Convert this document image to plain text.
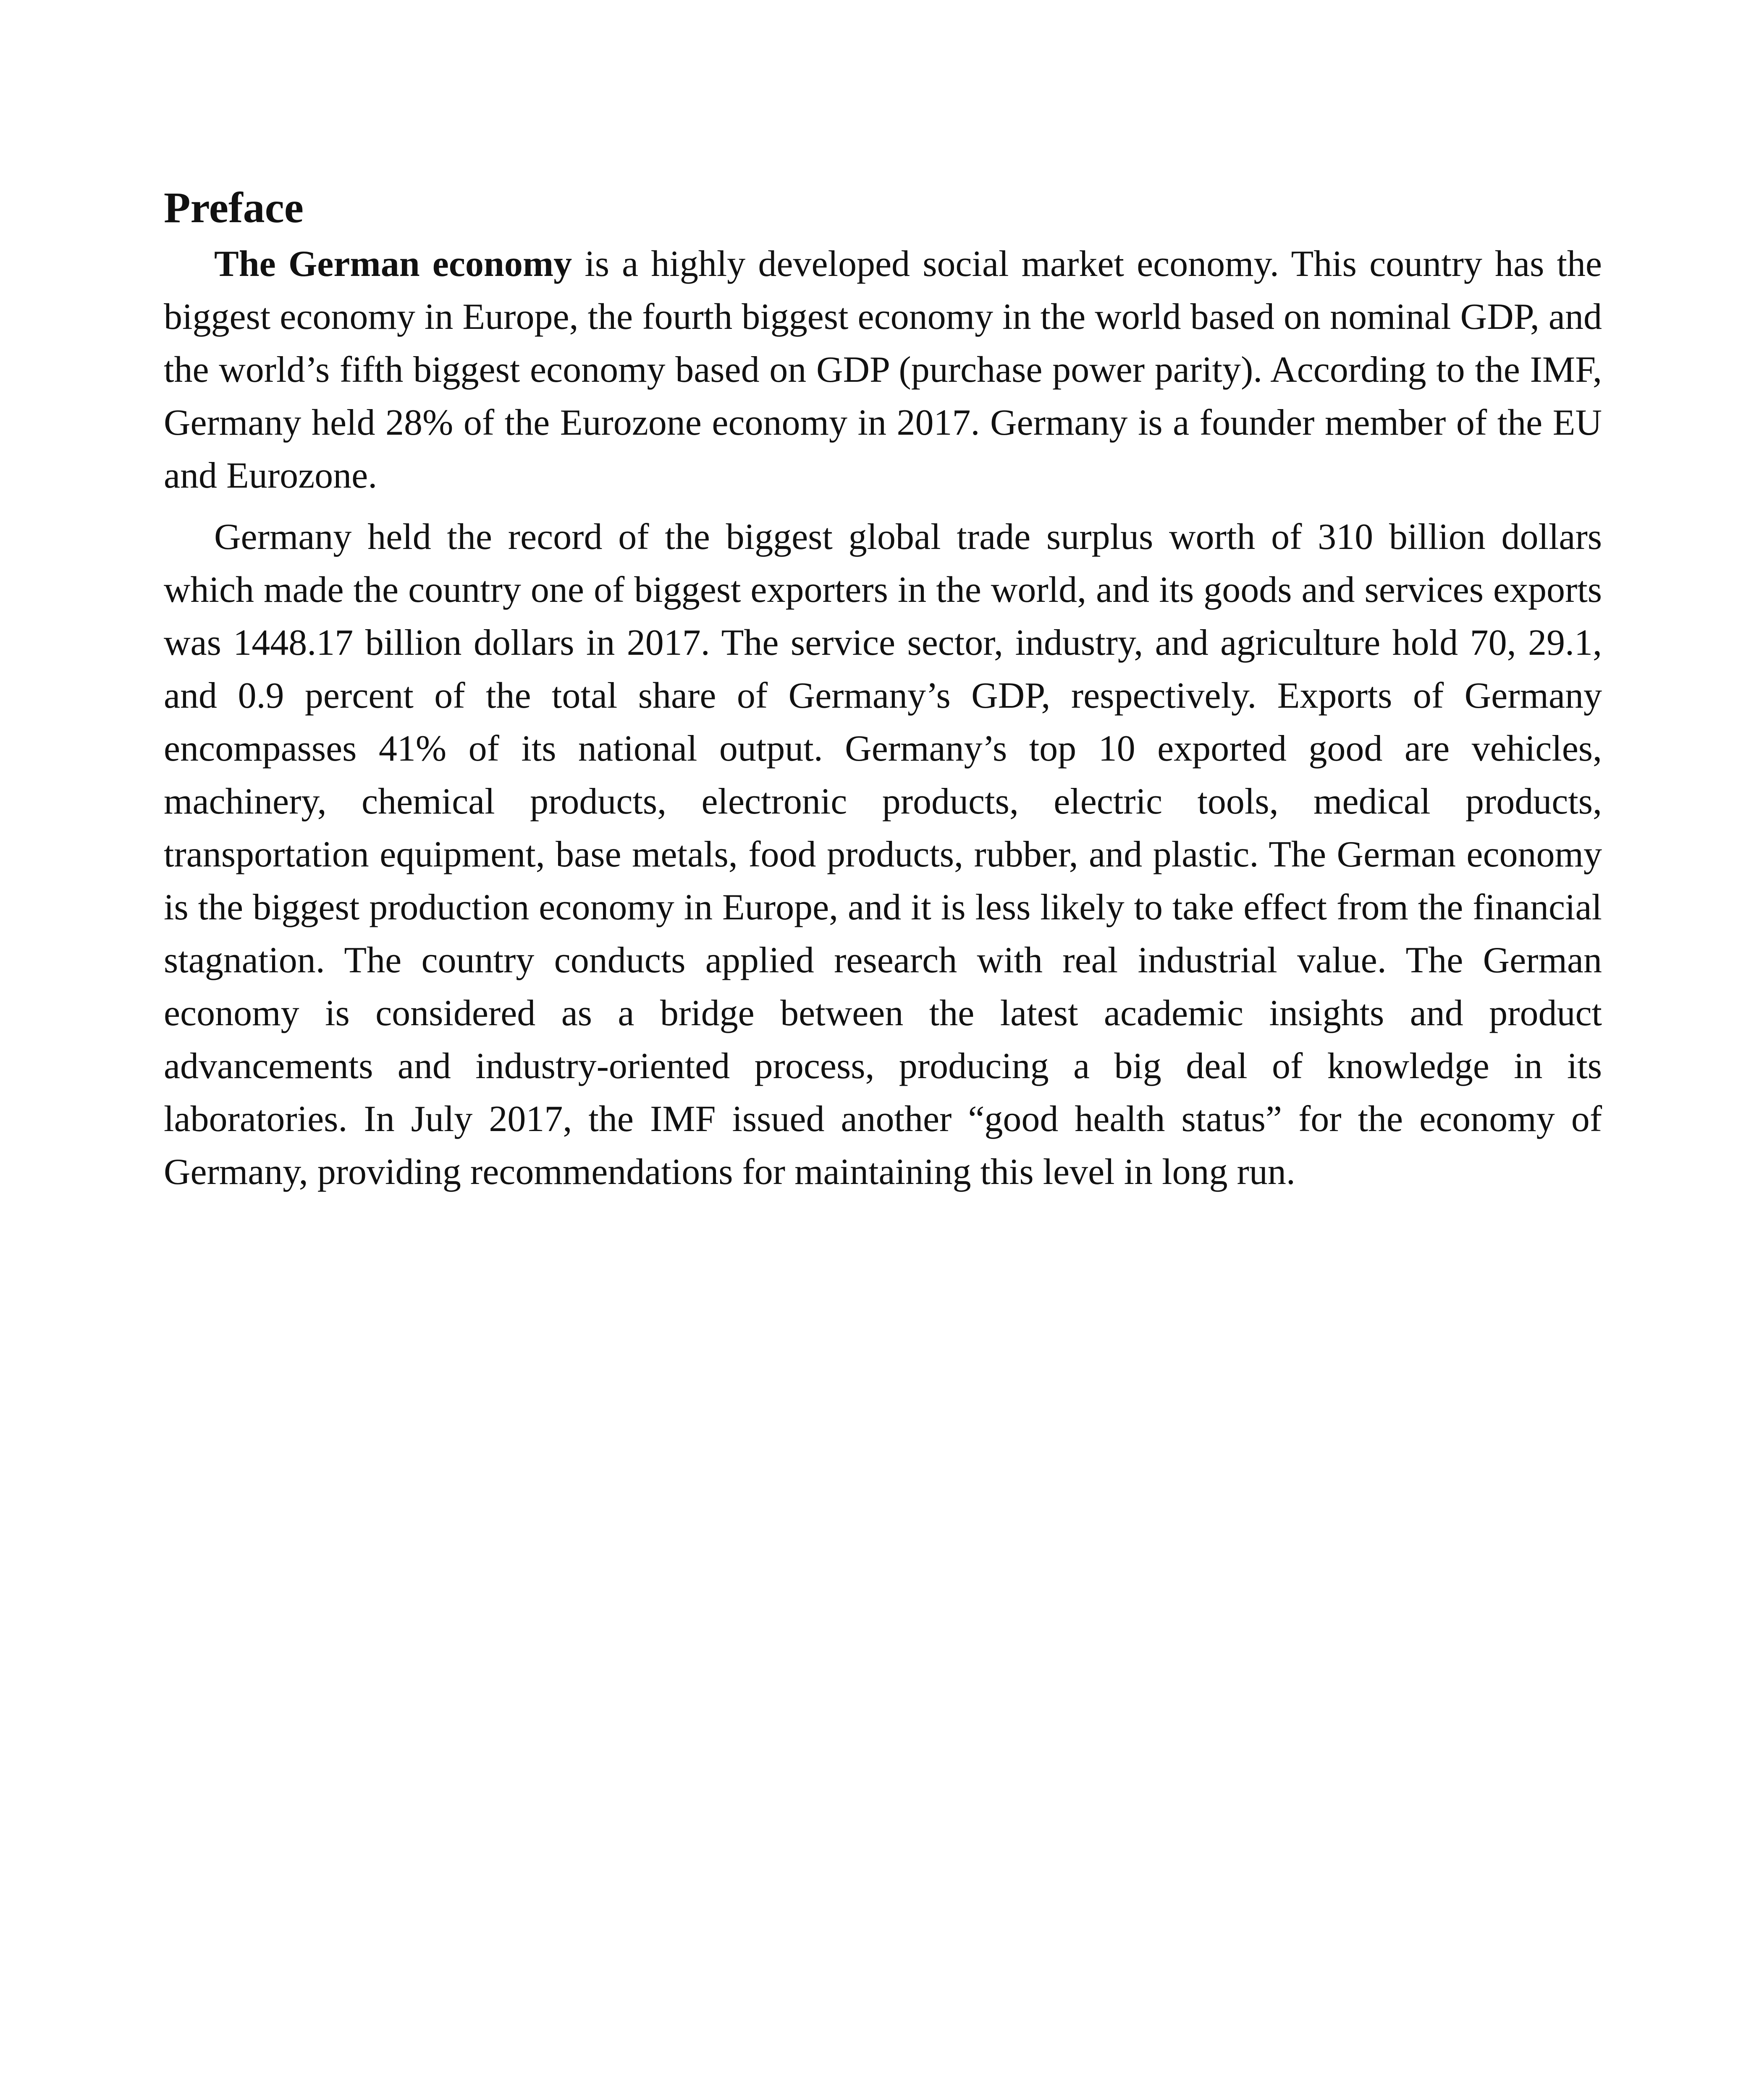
Preface

The German economy is a highly developed social market economy. This country has the biggest economy in Europe, the fourth biggest economy in the world based on nominal GDP, and the world’s fifth biggest economy based on GDP (purchase power parity). According to the IMF, Germany held 28% of the Eurozone economy in 2017. Germany is a founder member of the EU and Eurozone.

Germany held the record of the biggest global trade surplus worth of 310 billion dollars which made the country one of biggest exporters in the world, and its goods and services exports was 1448.17 billion dollars in 2017. The service sector, industry, and agriculture hold 70, 29.1, and 0.9 percent of the total share of Germany’s GDP, respectively. Exports of Germany encompasses 41% of its national output. Germany’s top 10 exported good are vehicles, machinery, chemical products, electronic products, electric tools, medical products, transportation equipment, base metals, food products, rubber, and plastic. The German economy is the biggest production economy in Europe, and it is less likely to take effect from the financial stagnation. The country conducts applied research with real industrial value. The German economy is considered as a bridge between the latest academic insights and product advancements and industry-oriented process, producing a big deal of knowledge in its laboratories. In July 2017, the IMF issued another “good health status” for the economy of Germany, providing recommendations for maintaining this level in long run.
